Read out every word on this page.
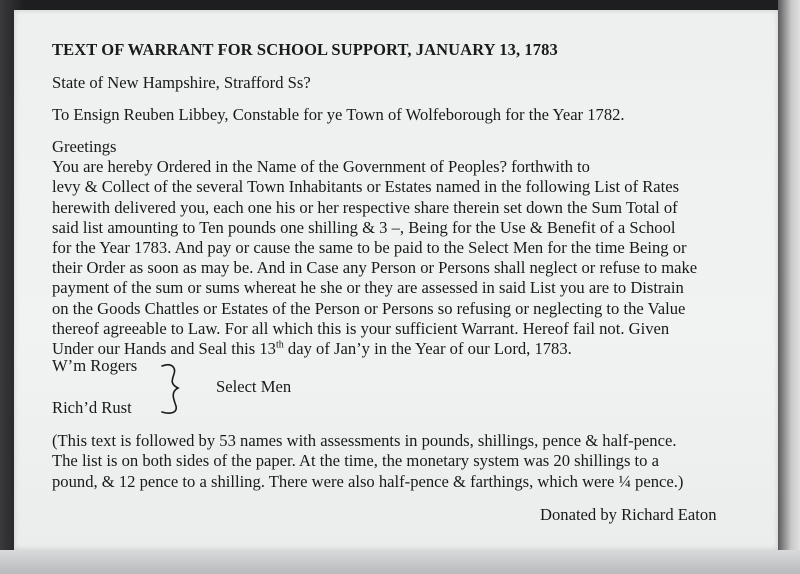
TEXT OF WARRANT FOR SCHOOL SUPPORT, JANUARY 13, 1783
State of New Hampshire, Strafford Ss?
To Ensign Reuben Libbey, Constable for ye Town of Wolfeborough for the Year 1782.
Greetings
You are hereby Ordered in the Name of the Government of Peoples? forthwith to
levy & Collect of the several Town Inhabitants or Estates named in the following List of Rates
herewith delivered you, each one his or her respective share therein set down the Sum Total of
said list amounting to Ten pounds one shilling & 3 –, Being for the Use & Benefit of a School
for the Year 1783. And pay or cause the same to be paid to the Select Men for the time Being or
their Order as soon as may be. And in Case any Person or Persons shall neglect or refuse to make
payment of the sum or sums whereat he she or they are assessed in said List you are to Distrain
on the Goods Chattles or Estates of the Person or Persons so refusing or neglecting to the Value
thereof agreeable to Law. For all which this is your sufficient Warrant. Hereof fail not. Given
Under our Hands and Seal this 13th day of Jan’y in the Year of our Lord, 1783.
W’m Rogers
Rich’d Rust
Select Men
(This text is followed by 53 names with assessments in pounds, shillings, pence & half-pence.
The list is on both sides of the paper. At the time, the monetary system was 20 shillings to a
pound, & 12 pence to a shilling. There were also half-pence & farthings, which were ¼ pence.)
Donated by Richard Eaton
